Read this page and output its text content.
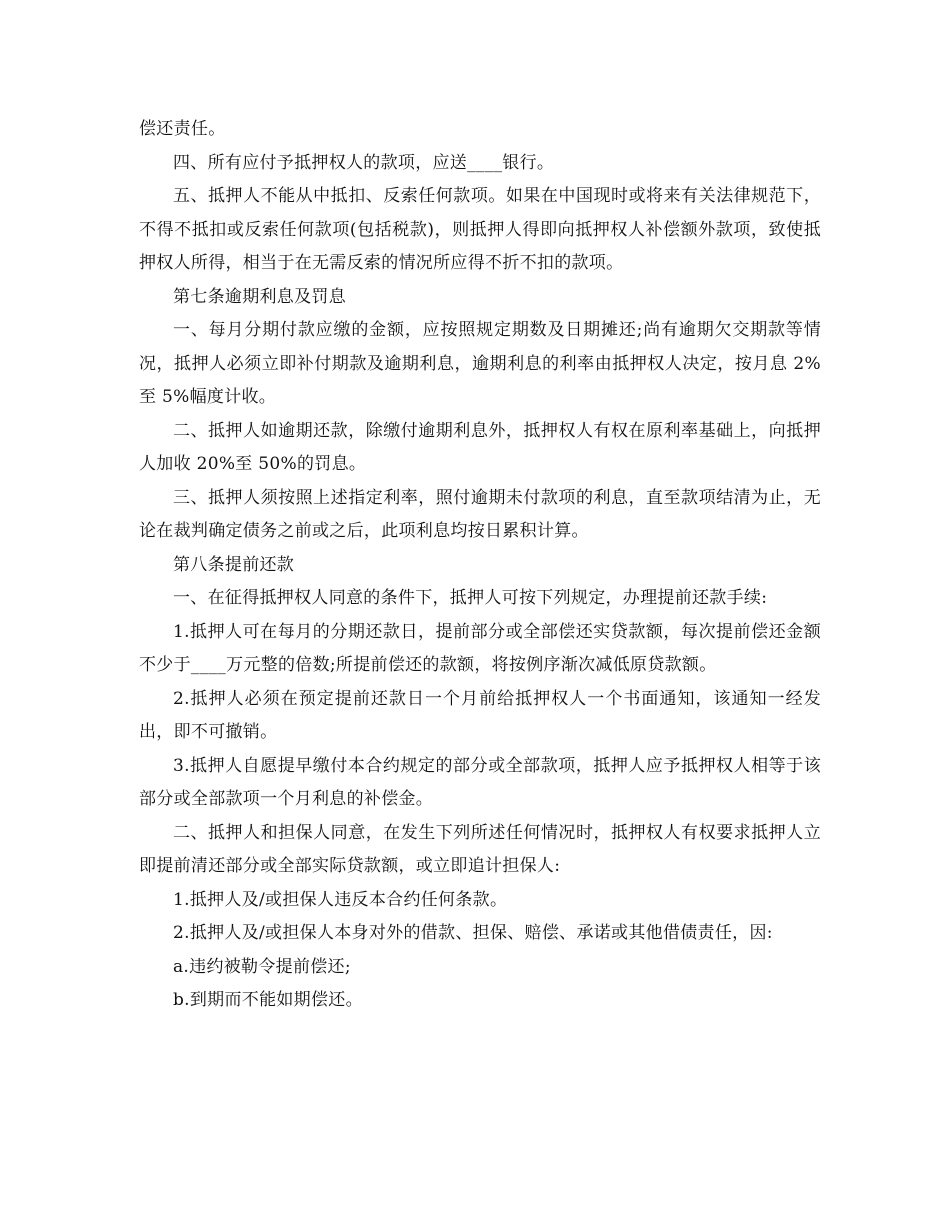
偿还责任。

四、所有应付予抵押权人的款项，应送____银行。

五、抵押人不能从中抵扣、反索任何款项。如果在中国现时或将来有关法律规范下，不得不抵扣或反索任何款项(包括税款)，则抵押人得即向抵押权人补偿额外款项，致使抵押权人所得，相当于在无需反索的情况所应得不折不扣的款项。

第七条逾期利息及罚息

一、每月分期付款应缴的金额，应按照规定期数及日期摊还;尚有逾期欠交期款等情况，抵押人必须立即补付期款及逾期利息，逾期利息的利率由抵押权人决定，按月息 2%至 5%幅度计收。

二、抵押人如逾期还款，除缴付逾期利息外，抵押权人有权在原利率基础上，向抵押人加收 20%至 50%的罚息。

三、抵押人须按照上述指定利率，照付逾期未付款项的利息，直至款项结清为止，无论在裁判确定债务之前或之后，此项利息均按日累积计算。

第八条提前还款

一、在征得抵押权人同意的条件下，抵押人可按下列规定，办理提前还款手续:

1.抵押人可在每月的分期还款日，提前部分或全部偿还实贷款额，每次提前偿还金额不少于____万元整的倍数;所提前偿还的款额，将按例序渐次减低原贷款额。

2.抵押人必须在预定提前还款日一个月前给抵押权人一个书面通知，该通知一经发出，即不可撤销。

3.抵押人自愿提早缴付本合约规定的部分或全部款项，抵押人应予抵押权人相等于该部分或全部款项一个月利息的补偿金。

二、抵押人和担保人同意，在发生下列所述任何情况时，抵押权人有权要求抵押人立即提前清还部分或全部实际贷款额，或立即追计担保人:

1.抵押人及/或担保人违反本合约任何条款。

2.抵押人及/或担保人本身对外的借款、担保、赔偿、承诺或其他借债责任，因:

a.违约被勒令提前偿还;

b.到期而不能如期偿还。
